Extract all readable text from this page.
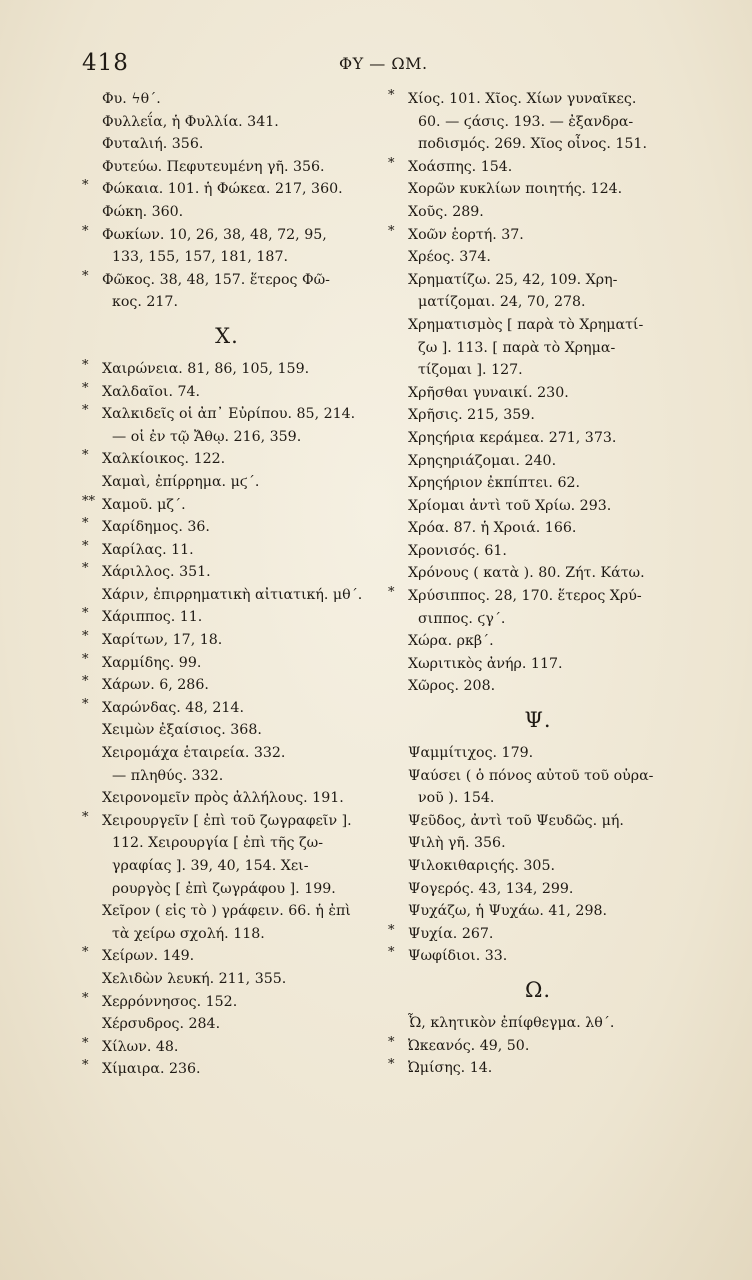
418	ΦΥ — ΩΜ.
Φυ. ϟθ΄.
Φυλλεΐα, ἡ Φυλλία. 341.
Φυταλιή. 356.
Φυτεύω. Πεφυτευμένη γῆ. 356.
* Φώκαια. 101. ἡ Φώκεα. 217, 360.
Φώκη. 360.
* Φωκίων. 10, 26, 38, 48, 72, 95,
133, 155, 157, 181, 187.
* Φῶκος. 38, 48, 157. ἕτερος Φῶ-
κος. 217.
Χ.
* Χαιρώνεια. 81, 86, 105, 159.
* Χαλδαῖοι. 74.
* Χαλκιδεῖς οἱ ἀπ᾿ Εὐρίπου. 85, 214.
— οἱ ἐν τῷ Ἄθῳ. 216, 359.
* Χαλκίοικος. 122.
Χαμαὶ, ἐπίρρημα. μϛ΄.
** Χαμοῦ. μζ΄.
* Χαρίδημος. 36.
* Χαρίλας. 11.
* Χάριλλος. 351.
Χάριν, ἐπιρρηματικὴ αἰτιατική. μθ΄.
* Χάριππος. 11.
* Χαρίτων, 17, 18.
* Χαρμίδης. 99.
* Χάρων. 6, 286.
* Χαρώνδας. 48, 214.
Χειμὼν ἐξαίσιος. 368.
Χειρομάχα ἑταιρεία. 332.
— πληθύς. 332.
Χειρονομεῖν πρὸς ἀλλήλους. 191.
* Χειρουργεῖν [ ἐπὶ τοῦ ζωγραφεῖν ].
112. Χειρουργία [ ἐπὶ τῆς ζω-
γραφίας ]. 39, 40, 154. Χει-
ρουργὸς [ ἐπὶ ζωγράφου ]. 199.
Χεῖρον ( εἰς τὸ ) γράφειν. 66. ἡ ἐπὶ
τὰ χείρω σχολή. 118.
* Χείρων. 149.
Χελιδὼν λευκή. 211, 355.
* Χερρόννησος. 152.
Χέρσυδρος. 284.
* Χίλων. 48.
* Χίμαιρα. 236.
* Χίος. 101. Χῖος. Χίων γυναῖκες.
60. — ϛάσις. 193. — ἐξανδρα-
ποδισμός. 269. Χῖος οἶνος. 151.
* Χοάσπης. 154.
Χορῶν κυκλίων ποιητής. 124.
Χοῦς. 289.
* Χοῶν ἑορτή. 37.
Χρέος. 374.
Χρηματίζω. 25, 42, 109. Χρη-
ματίζομαι. 24, 70, 278.
Χρηματισμὸς [ παρὰ τὸ Χρηματί-
ζω ]. 113. [ παρὰ τὸ Χρημα-
τίζομαι ]. 127.
Χρῆσθαι γυναικί. 230.
Χρῆσις. 215, 359.
Χρηςήρια κεράμεα. 271, 373.
Χρηςηριάζομαι. 240.
Χρηςήριον ἐκπίπτει. 62.
Χρίομαι ἀντὶ τοῦ Χρίω. 293.
Χρόα. 87. ἡ Χροιά. 166.
Χρονισός. 61.
Χρόνους ( κατὰ ). 80. Ζήτ. Κάτω.
* Χρύσιππος. 28, 170. ἕτερος Χρύ-
σιππος. ϛγ΄.
Χώρα. ρκβ΄.
Χωριτικὸς ἀνήρ. 117.
Χῶρος. 208.
Ψ.
Ψαμμίτιχος. 179.
Ψαύσει ( ὁ πόνος αὐτοῦ τοῦ οὐρα-
νοῦ ). 154.
Ψεῦδος, ἀντὶ τοῦ Ψευδῶς. μή.
Ψιλὴ γῆ. 356.
Ψιλοκιθαριςής. 305.
Ψογερός. 43, 134, 299.
Ψυχάζω, ἡ Ψυχάω. 41, 298.
* Ψυχία. 267.
* Ψωφίδιοι. 33.
Ω.
Ὦ, κλητικὸν ἐπίφθεγμα. λθ΄.
* Ὠκεανός. 49, 50.
* Ὠμίσης. 14.
